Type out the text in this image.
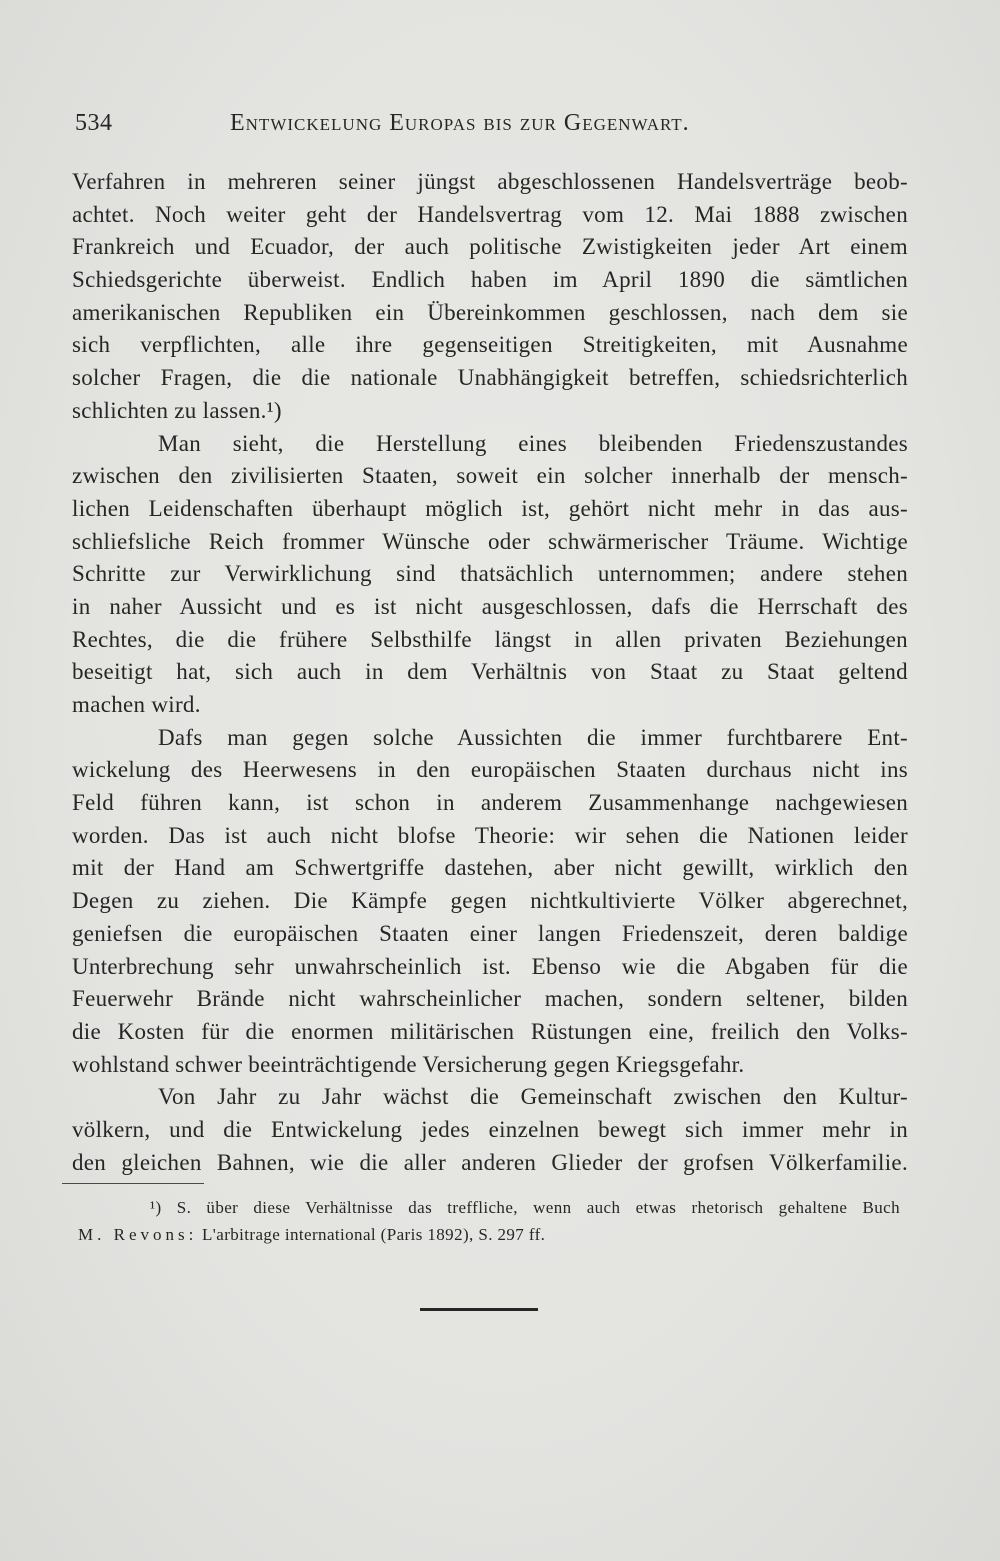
534	Entwickelung Europas bis zur Gegenwart.
Verfahren in mehreren seiner jüngst abgeschlossenen Handelsverträge beob-
achtet. Noch weiter geht der Handelsvertrag vom 12. Mai 1888 zwischen
Frankreich und Ecuador, der auch politische Zwistigkeiten jeder Art einem
Schiedsgerichte überweist. Endlich haben im April 1890 die sämtlichen
amerikanischen Republiken ein Übereinkommen geschlossen, nach dem sie
sich verpflichten, alle ihre gegenseitigen Streitigkeiten, mit Ausnahme
solcher Fragen, die die nationale Unabhängigkeit betreffen, schiedsrichterlich
schlichten zu lassen.¹)
Man sieht, die Herstellung eines bleibenden Friedenszustandes
zwischen den zivilisierten Staaten, soweit ein solcher innerhalb der mensch-
lichen Leidenschaften überhaupt möglich ist, gehört nicht mehr in das aus-
schliefsliche Reich frommer Wünsche oder schwärmerischer Träume. Wichtige
Schritte zur Verwirklichung sind thatsächlich unternommen; andere stehen
in naher Aussicht und es ist nicht ausgeschlossen, dafs die Herrschaft des
Rechtes, die die frühere Selbsthilfe längst in allen privaten Beziehungen
beseitigt hat, sich auch in dem Verhältnis von Staat zu Staat geltend
machen wird.
Dafs man gegen solche Aussichten die immer furchtbarere Ent-
wickelung des Heerwesens in den europäischen Staaten durchaus nicht ins
Feld führen kann, ist schon in anderem Zusammenhange nachgewiesen
worden. Das ist auch nicht blofse Theorie: wir sehen die Nationen leider
mit der Hand am Schwertgriffe dastehen, aber nicht gewillt, wirklich den
Degen zu ziehen. Die Kämpfe gegen nichtkultivierte Völker abgerechnet,
geniefsen die europäischen Staaten einer langen Friedenszeit, deren baldige
Unterbrechung sehr unwahrscheinlich ist. Ebenso wie die Abgaben für die
Feuerwehr Brände nicht wahrscheinlicher machen, sondern seltener, bilden
die Kosten für die enormen militärischen Rüstungen eine, freilich den Volks-
wohlstand schwer beeinträchtigende Versicherung gegen Kriegsgefahr.
Von Jahr zu Jahr wächst die Gemeinschaft zwischen den Kultur-
völkern, und die Entwickelung jedes einzelnen bewegt sich immer mehr in
den gleichen Bahnen, wie die aller anderen Glieder der grofsen Völkerfamilie.
¹) S. über diese Verhältnisse das treffliche, wenn auch etwas rhetorisch gehaltene Buch
M. Revons: L'arbitrage international (Paris 1892), S. 297 ff.
